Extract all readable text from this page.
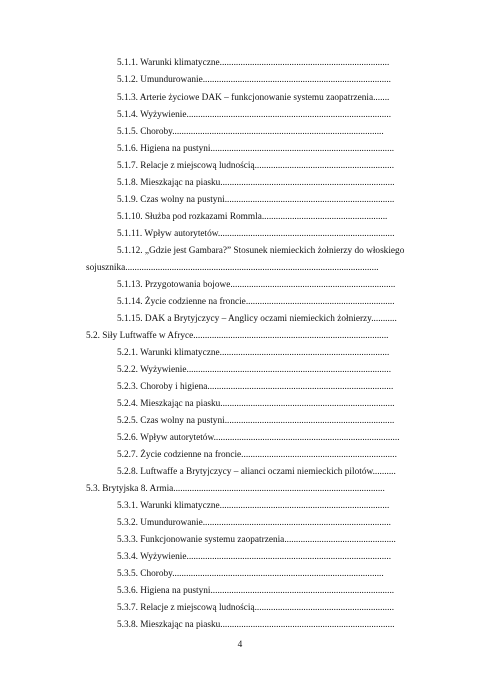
5.1.1. Warunki klimatyczne.........................................................................
5.1.2. Umundurowanie.................................................................................
5.1.3. Arterie życiowe DAK – funkcjonowanie systemu zaopatrzenia.......
5.1.4. Wyżywienie........................................................................................
5.1.5. Choroby...........................................................................................
5.1.6. Higiena na pustyni...............................................................................
5.1.7. Relacje z miejscową ludnością............................................................
5.1.8. Mieszkając na piasku...........................................................................
5.1.9. Czas wolny na pustyni.........................................................................
5.1.10. Służba pod rozkazami Rommla......................................................
5.1.11. Wpływ autorytetów............................................................................
5.1.12. „Gdzie jest Gambara?” Stosunek niemieckich żołnierzy do włoskiego
sojusznika.............................................................................................................
5.1.13. Przygotowania bojowe.......................................................................
5.1.14. Życie codzienne na froncie................................................................
5.1.15. DAK a Brytyjczycy – Anglicy oczami niemieckich żołnierzy...........
5.2. Siły Luftwaffe w Afryce....................................................................................
5.2.1. Warunki klimatyczne.........................................................................
5.2.2. Wyżywienie........................................................................................
5.2.3. Choroby i higiena................................................................................
5.2.4. Mieszkając na piasku...........................................................................
5.2.5. Czas wolny na pustyni.........................................................................
5.2.6. Wpływ autorytetów................................................................................
5.2.7. Życie codzienne na froncie...................................................................
5.2.8. Luftwaffe a Brytyjczycy – alianci oczami niemieckich pilotów..........
5.3. Brytyjska 8. Armia...........................................................................................
5.3.1. Warunki klimatyczne.........................................................................
5.3.2. Umundurowanie.................................................................................
5.3.3. Funkcjonowanie systemu zaopatrzenia................................................
5.3.4. Wyżywienie........................................................................................
5.3.5. Choroby...........................................................................................
5.3.6. Higiena na pustyni...............................................................................
5.3.7. Relacje z miejscową ludnością............................................................
5.3.8. Mieszkając na piasku...........................................................................
4
